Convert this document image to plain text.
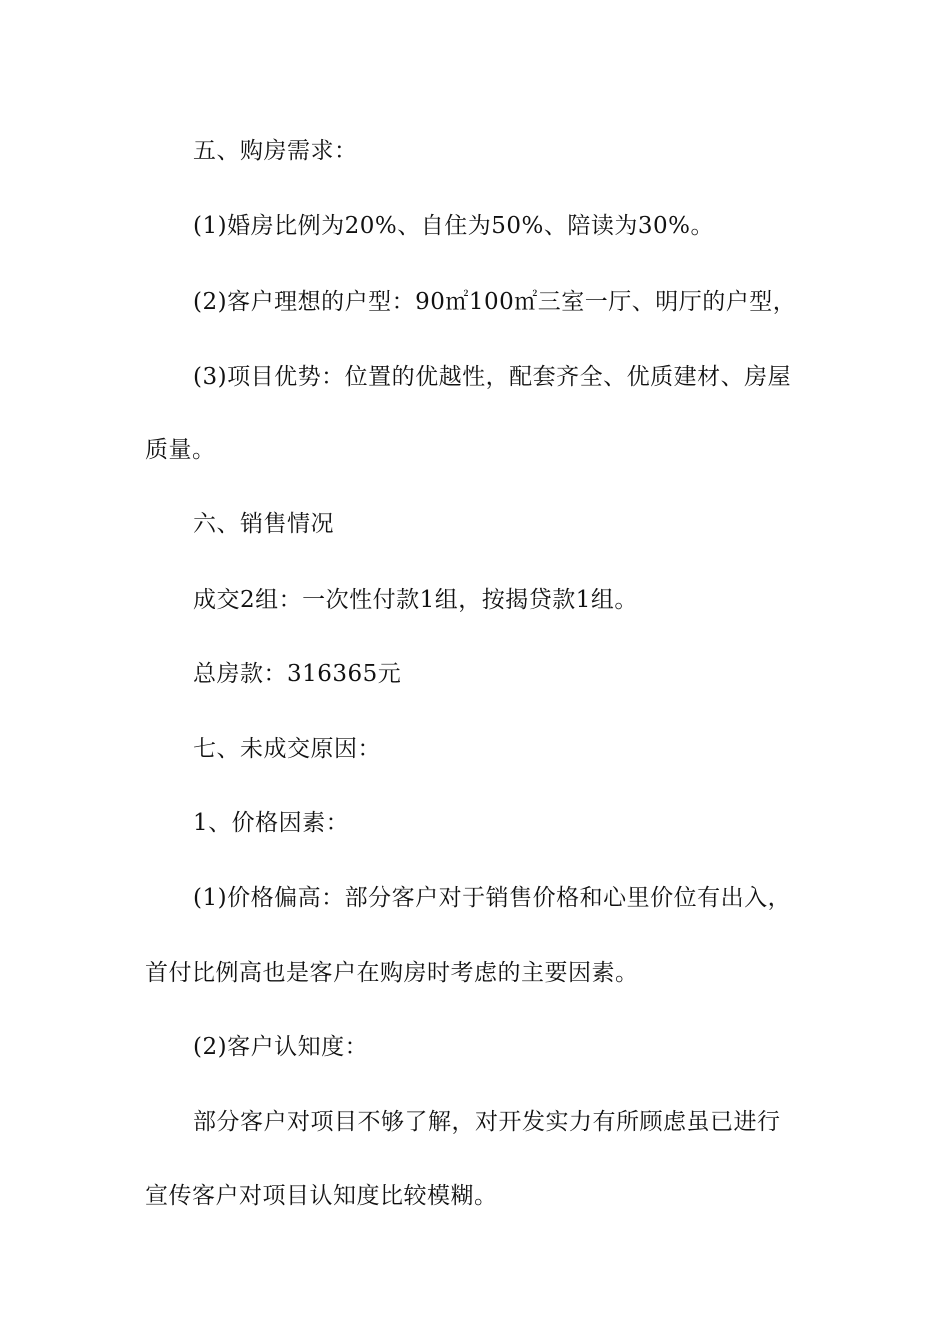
五、购房需求：
(1)婚房比例为20%、自住为50%、陪读为30%。
(2)客户理想的户型：90㎡100㎡三室一厅、明厅的户型，
(3)项目优势：位置的优越性，配套齐全、优质建材、房屋
质量。
六、销售情况
成交2组：一次性付款1组，按揭贷款1组。
总房款：316365元
七、未成交原因：
1、价格因素：
(1)价格偏高：部分客户对于销售价格和心里价位有出入，
首付比例高也是客户在购房时考虑的主要因素。
(2)客户认知度：
部分客户对项目不够了解，对开发实力有所顾虑虽已进行
宣传客户对项目认知度比较模糊。
